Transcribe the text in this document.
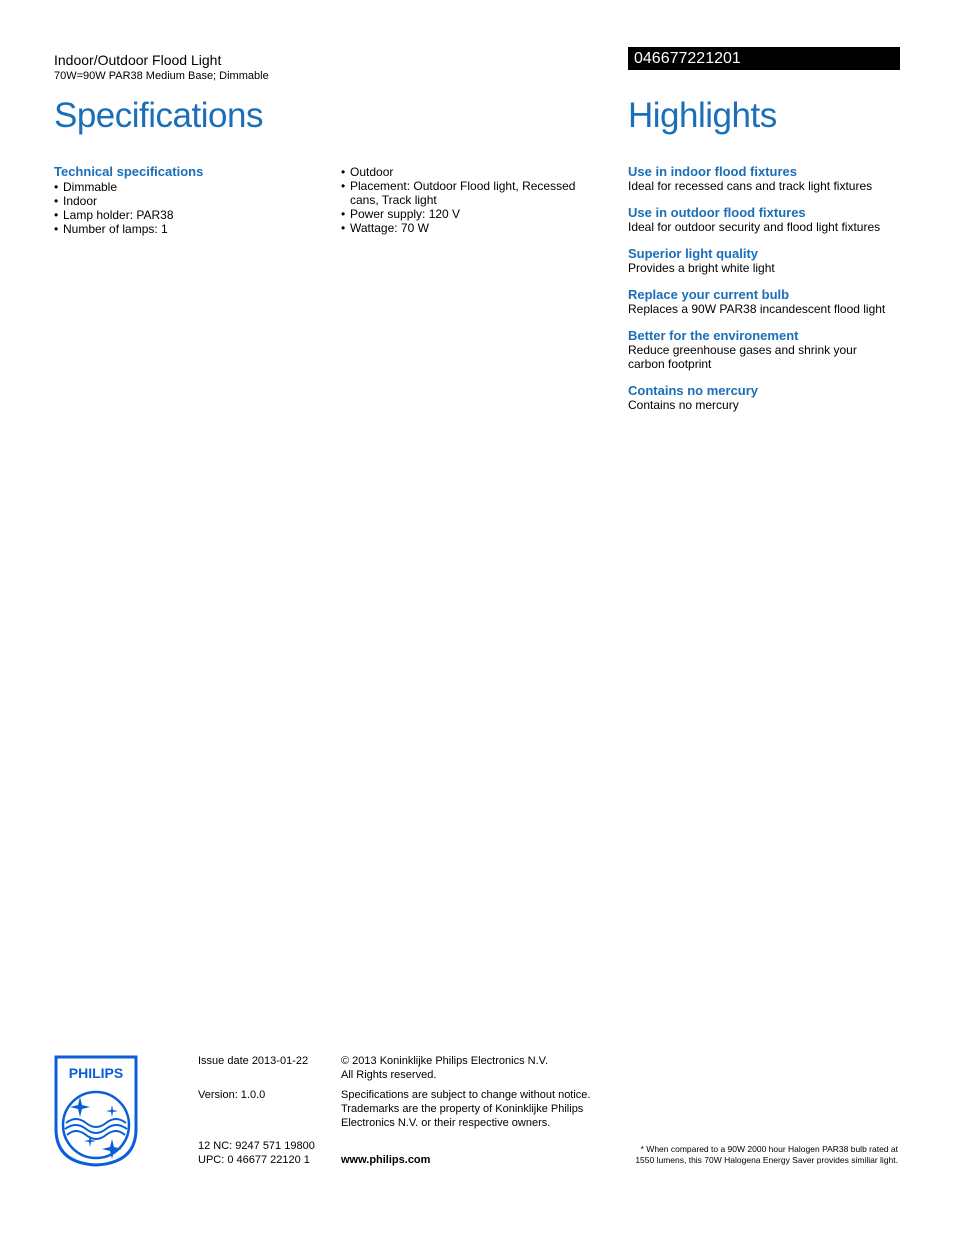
Indoor/Outdoor Flood Light
70W=90W PAR38 Medium Base; Dimmable
046677221201
Specifications	Highlights
Technical specifications
• Dimmable
• Indoor
• Lamp holder: PAR38
• Number of lamps: 1
• Outdoor
• Placement: Outdoor Flood light, Recessed cans, Track light
• Power supply: 120 V
• Wattage: 70 W
Use in indoor flood fixtures
Ideal for recessed cans and track light fixtures
Use in outdoor flood fixtures
Ideal for outdoor security and flood light fixtures
Superior light quality
Provides a bright white light
Replace your current bulb
Replaces a 90W PAR38 incandescent flood light
Better for the environement
Reduce greenhouse gases and shrink your carbon footprint
Contains no mercury
Contains no mercury
PHILIPS
Issue date 2013-01-22
Version: 1.0.0
12 NC: 9247 571 19800
UPC: 0 46677 22120 1
© 2013 Koninklijke Philips Electronics N.V.
All Rights reserved.
Specifications are subject to change without notice.
Trademarks are the property of Koninklijke Philips
Electronics N.V. or their respective owners.
www.philips.com
* When compared to a 90W 2000 hour Halogen PAR38 bulb rated at
1550 lumens, this 70W Halogena Energy Saver provides similiar light.
